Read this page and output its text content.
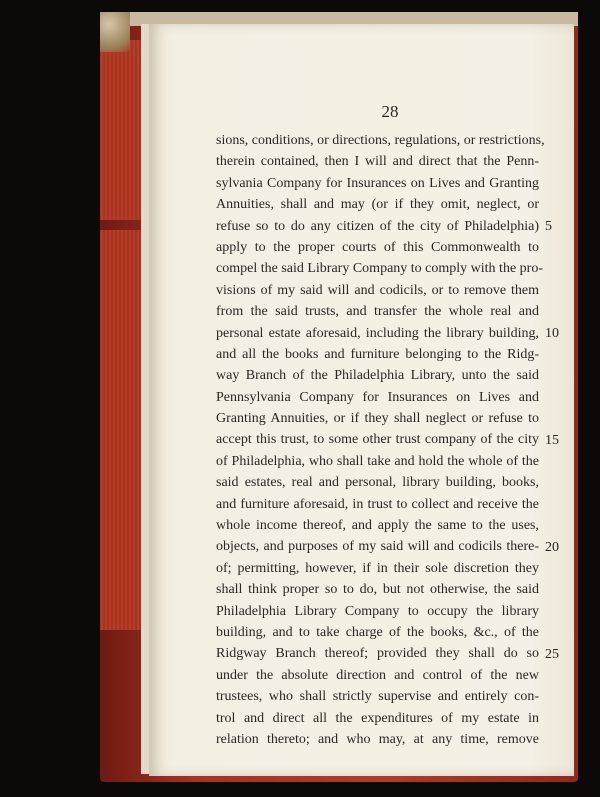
28
sions, conditions, or directions, regulations, or restrictions,
therein contained, then I will and direct that the Penn-
sylvania Company for Insurances on Lives and Granting
Annuities, shall and may (or if they omit, neglect, or
refuse so to do any citizen of the city of Philadelphia)
apply to the proper courts of this Commonwealth to
compel the said Library Company to comply with the pro-
visions of my said will and codicils, or to remove them
from the said trusts, and transfer the whole real and
personal estate aforesaid, including the library building,
and all the books and furniture belonging to the Ridg-
way Branch of the Philadelphia Library, unto the said
Pennsylvania Company for Insurances on Lives and
Granting Annuities, or if they shall neglect or refuse to
accept this trust, to some other trust company of the city
of Philadelphia, who shall take and hold the whole of the
said estates, real and personal, library building, books,
and furniture aforesaid, in trust to collect and receive the
whole income thereof, and apply the same to the uses,
objects, and purposes of my said will and codicils there-
of; permitting, however, if in their sole discretion they
shall think proper so to do, but not otherwise, the said
Philadelphia Library Company to occupy the library
building, and to take charge of the books, &c., of the
Ridgway Branch thereof; provided they shall do so
under the absolute direction and control of the new
trustees, who shall strictly supervise and entirely con-
trol and direct all the expenditures of my estate in
relation thereto; and who may, at any time, remove
5
10
15
20
25
